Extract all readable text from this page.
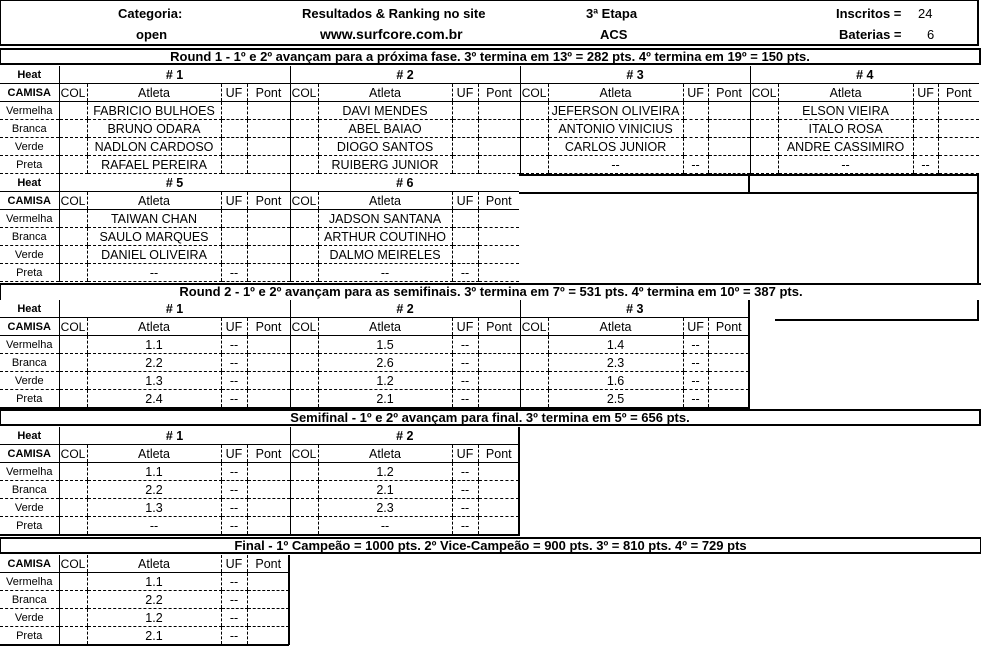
Categoria:
open
Resultados & Ranking no site
www.surfcore.com.br
3ª Etapa
ACS
Inscritos = 24
Baterias = 6
Round 1 - 1º e 2º avançam para a próxima fase. 3º termina em 13º = 282 pts. 4º termina em 19º = 150 pts.
Round 2 - 1º e 2º avançam para as semifinais. 3º termina em 7º = 531 pts. 4º termina em 10º = 387 pts.
Semifinal - 1º e 2º avançam para final. 3º termina em 5º = 656 pts.
Final - 1º Campeão = 1000 pts. 2º Vice-Campeão = 900 pts. 3º = 810 pts. 4º = 729 pts
Heat	# 1				# 2				# 3				# 4			
CAMISA	COL	Atleta	UF	Pont	COL	Atleta	UF	Pont	COL	Atleta	UF	Pont	COL	Atleta	UF	Pont
Vermelha		FABRICIO BULHOES				DAVI MENDES				JEFERSON OLIVEIRA				ELSON VIEIRA		
Branca		BRUNO ODARA				ABEL BAIAO				ANTONIO VINICIUS				ITALO ROSA		
Verde		NADLON CARDOSO				DIOGO SANTOS				CARLOS JUNIOR				ANDRE CASSIMIRO		
Preta		RAFAEL PEREIRA				RUIBERG JUNIOR				--	--			--	--	
Heat	# 5				# 6			
CAMISA	COL	Atleta	UF	Pont	COL	Atleta	UF	Pont
Vermelha		TAIWAN CHAN				JADSON SANTANA		
Branca		SAULO MARQUES				ARTHUR COUTINHO		
Verde		DANIEL OLIVEIRA				DALMO MEIRELES		
Preta		--	--			--	--	
Heat	# 1				# 2				# 3			
CAMISA	COL	Atleta	UF	Pont	COL	Atleta	UF	Pont	COL	Atleta	UF	Pont
Vermelha		1.1	--			1.5	--			1.4	--	
Branca		2.2	--			2.6	--			2.3	--	
Verde		1.3	--			1.2	--			1.6	--	
Preta		2.4	--			2.1	--			2.5	--	
Heat	# 1				# 2			
CAMISA	COL	Atleta	UF	Pont	COL	Atleta	UF	Pont
Vermelha		1.1	--			1.2	--	
Branca		2.2	--			2.1	--	
Verde		1.3	--			2.3	--	
Preta		--	--			--	--	
CAMISA	COL	Atleta	UF	Pont
Vermelha		1.1	--	
Branca		2.2	--	
Verde		1.2	--	
Preta		2.1	--	
